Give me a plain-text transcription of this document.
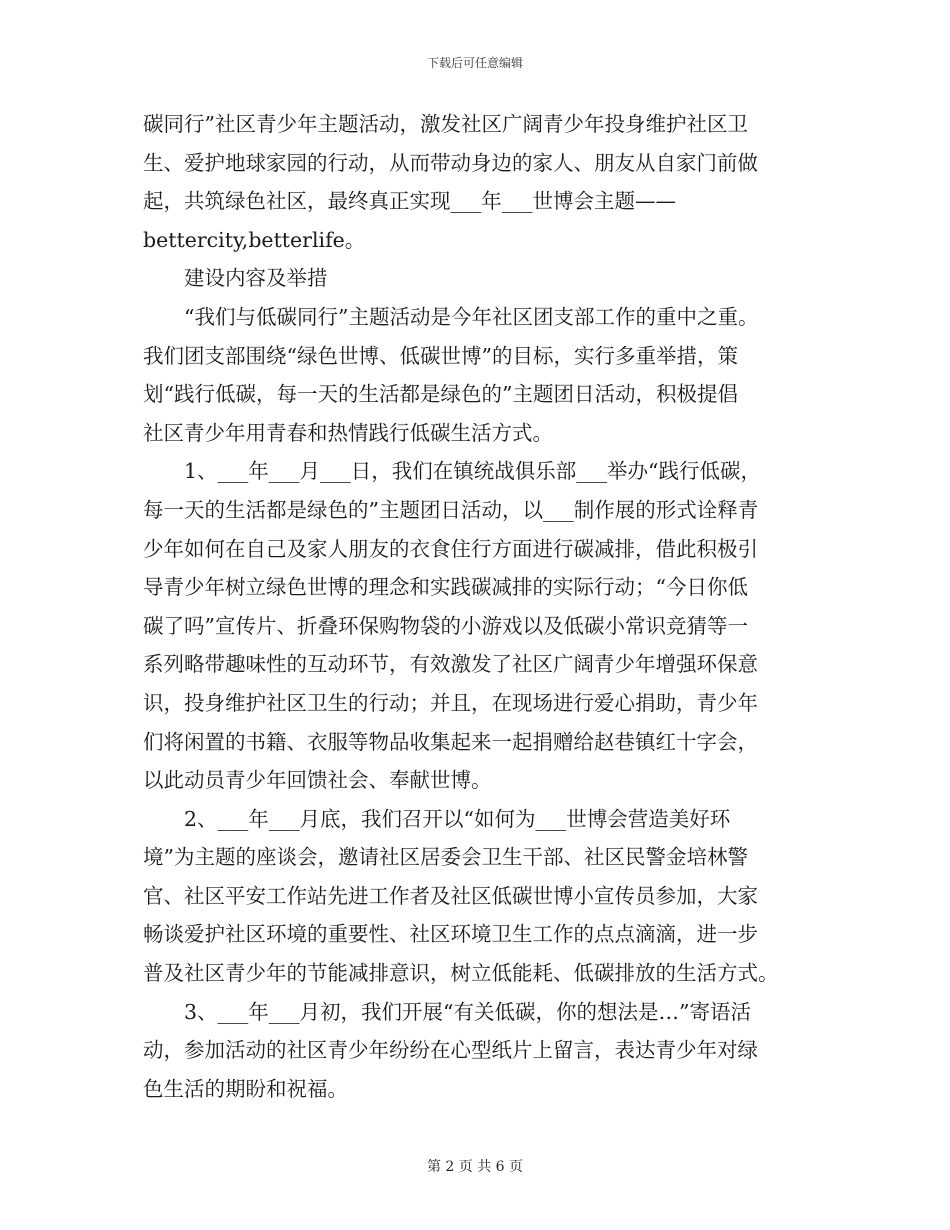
下载后可任意编辑
碳同行”社区青少年主题活动，激发社区广阔青少年投身维护社区卫
生、爱护地球家园的行动，从而带动身边的家人、朋友从自家门前做
起，共筑绿色社区，最终真正实现___年___世博会主题——
bettercity,betterlife。
建设内容及举措
“我们与低碳同行”主题活动是今年社区团支部工作的重中之重。
我们团支部围绕“绿色世博、低碳世博”的目标，实行多重举措，策
划“践行低碳，每一天的生活都是绿色的”主题团日活动，积极提倡
社区青少年用青春和热情践行低碳生活方式。
1、___年___月___日，我们在镇统战俱乐部___举办“践行低碳，
每一天的生活都是绿色的”主题团日活动，以___制作展的形式诠释青
少年如何在自己及家人朋友的衣食住行方面进行碳减排，借此积极引
导青少年树立绿色世博的理念和实践碳减排的实际行动；“今日你低
碳了吗”宣传片、折叠环保购物袋的小游戏以及低碳小常识竞猜等一
系列略带趣味性的互动环节，有效激发了社区广阔青少年增强环保意
识，投身维护社区卫生的行动；并且，在现场进行爱心捐助，青少年
们将闲置的书籍、衣服等物品收集起来一起捐赠给赵巷镇红十字会，
以此动员青少年回馈社会、奉献世博。
2、___年___月底，我们召开以“如何为___世博会营造美好环
境”为主题的座谈会，邀请社区居委会卫生干部、社区民警金培林警
官、社区平安工作站先进工作者及社区低碳世博小宣传员参加，大家
畅谈爱护社区环境的重要性、社区环境卫生工作的点点滴滴，进一步
普及社区青少年的节能减排意识，树立低能耗、低碳排放的生活方式。
3、___年___月初，我们开展“有关低碳，你的想法是…”寄语活
动，参加活动的社区青少年纷纷在心型纸片上留言，表达青少年对绿
色生活的期盼和祝福。
第 2 页 共 6 页
